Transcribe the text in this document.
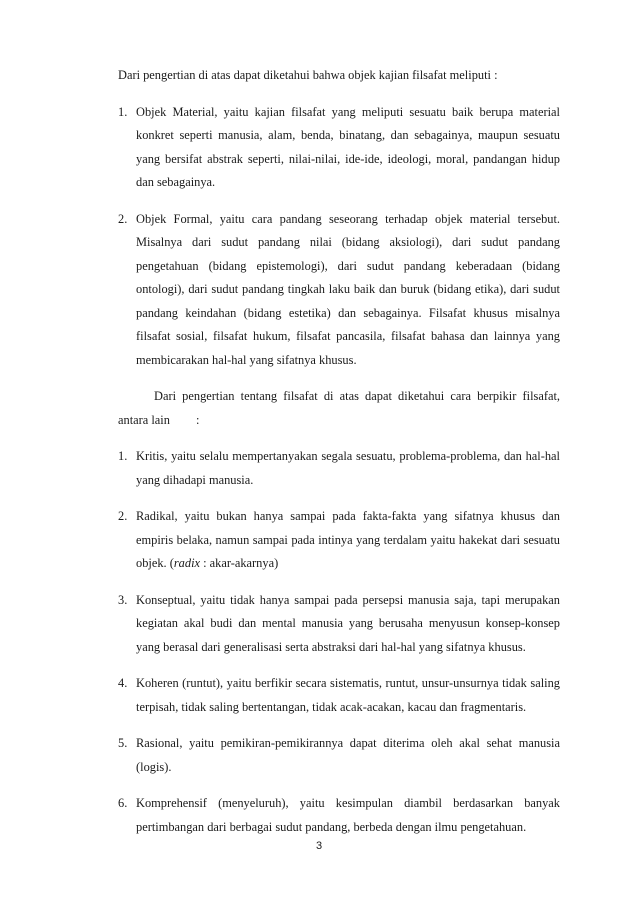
Dari pengertian di atas dapat diketahui bahwa objek kajian filsafat meliputi :

1. Objek Material, yaitu kajian filsafat yang meliputi sesuatu baik berupa material konkret seperti manusia, alam, benda, binatang, dan sebagainya, maupun sesuatu yang bersifat abstrak seperti, nilai-nilai, ide-ide, ideologi, moral, pandangan hidup dan sebagainya.

2. Objek Formal, yaitu cara pandang seseorang terhadap objek material tersebut. Misalnya dari sudut pandang nilai (bidang aksiologi), dari sudut pandang pengetahuan (bidang epistemologi), dari sudut pandang keberadaan (bidang ontologi), dari sudut pandang tingkah laku baik dan buruk (bidang etika), dari sudut pandang keindahan (bidang estetika) dan sebagainya. Filsafat khusus misalnya filsafat sosial, filsafat hukum, filsafat pancasila, filsafat bahasa dan lainnya yang membicarakan hal-hal yang sifatnya khusus.

Dari pengertian tentang filsafat di atas dapat diketahui cara berpikir filsafat, antara lain :

1. Kritis, yaitu selalu mempertanyakan segala sesuatu, problema-problema, dan hal-hal yang dihadapi manusia.

2. Radikal, yaitu bukan hanya sampai pada fakta-fakta yang sifatnya khusus dan empiris belaka, namun sampai pada intinya yang terdalam yaitu hakekat dari sesuatu objek. (radix : akar-akarnya)

3. Konseptual, yaitu tidak hanya sampai pada persepsi manusia saja, tapi merupakan kegiatan akal budi dan mental manusia yang berusaha menyusun konsep-konsep yang berasal dari generalisasi serta abstraksi dari hal-hal yang sifatnya khusus.

4. Koheren (runtut), yaitu berfikir secara sistematis, runtut, unsur-unsurnya tidak saling terpisah, tidak saling bertentangan, tidak acak-acakan, kacau dan fragmentaris.

5. Rasional, yaitu pemikiran-pemikirannya dapat diterima oleh akal sehat manusia (logis).

6. Komprehensif (menyeluruh), yaitu kesimpulan diambil berdasarkan banyak pertimbangan dari berbagai sudut pandang, berbeda dengan ilmu pengetahuan.

3
